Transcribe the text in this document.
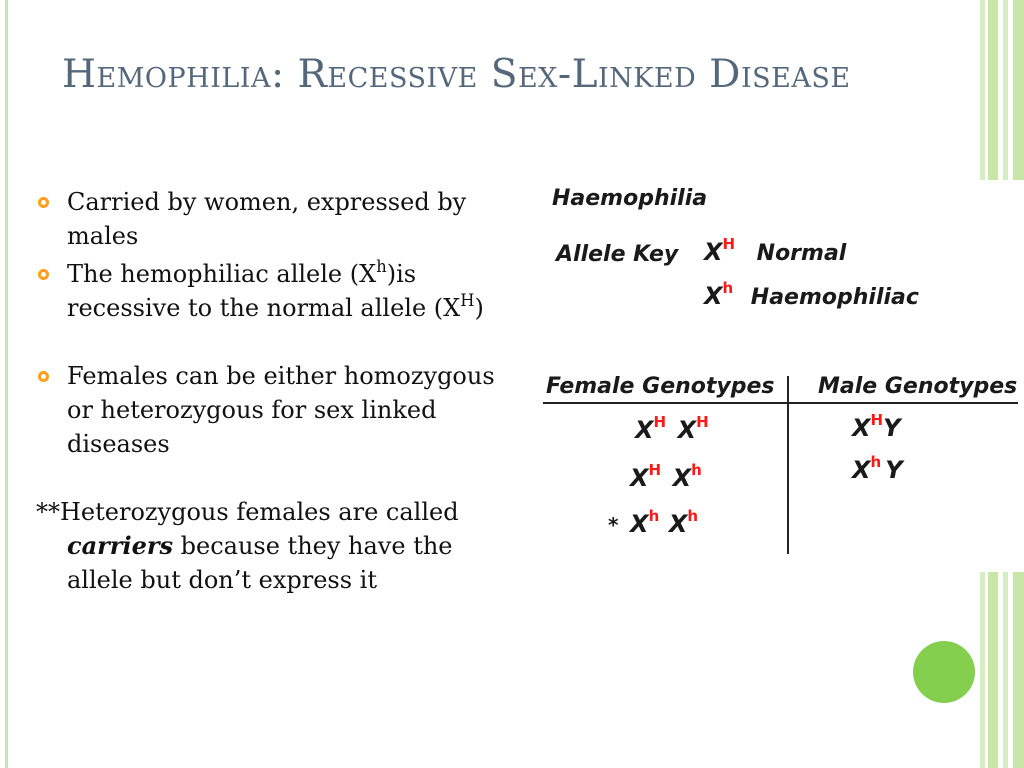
Hemophilia: Recessive Sex-Linked Disease
Carried by women, expressed by males
The hemophiliac allele $(X^h)is$ recessive to the normal allele $(X^H)$
Females can be either homozygous or heterozygous for sex linked diseases
**Heterozygous females are called carriers because they have the allele but don’t express it
Haemophilia
Allele Key XH Normal
Xh Haemophiliac
Female Genotypes Male Genotypes
XH XH
XH Xh
* Xh Xh
XHY
Xh Y
